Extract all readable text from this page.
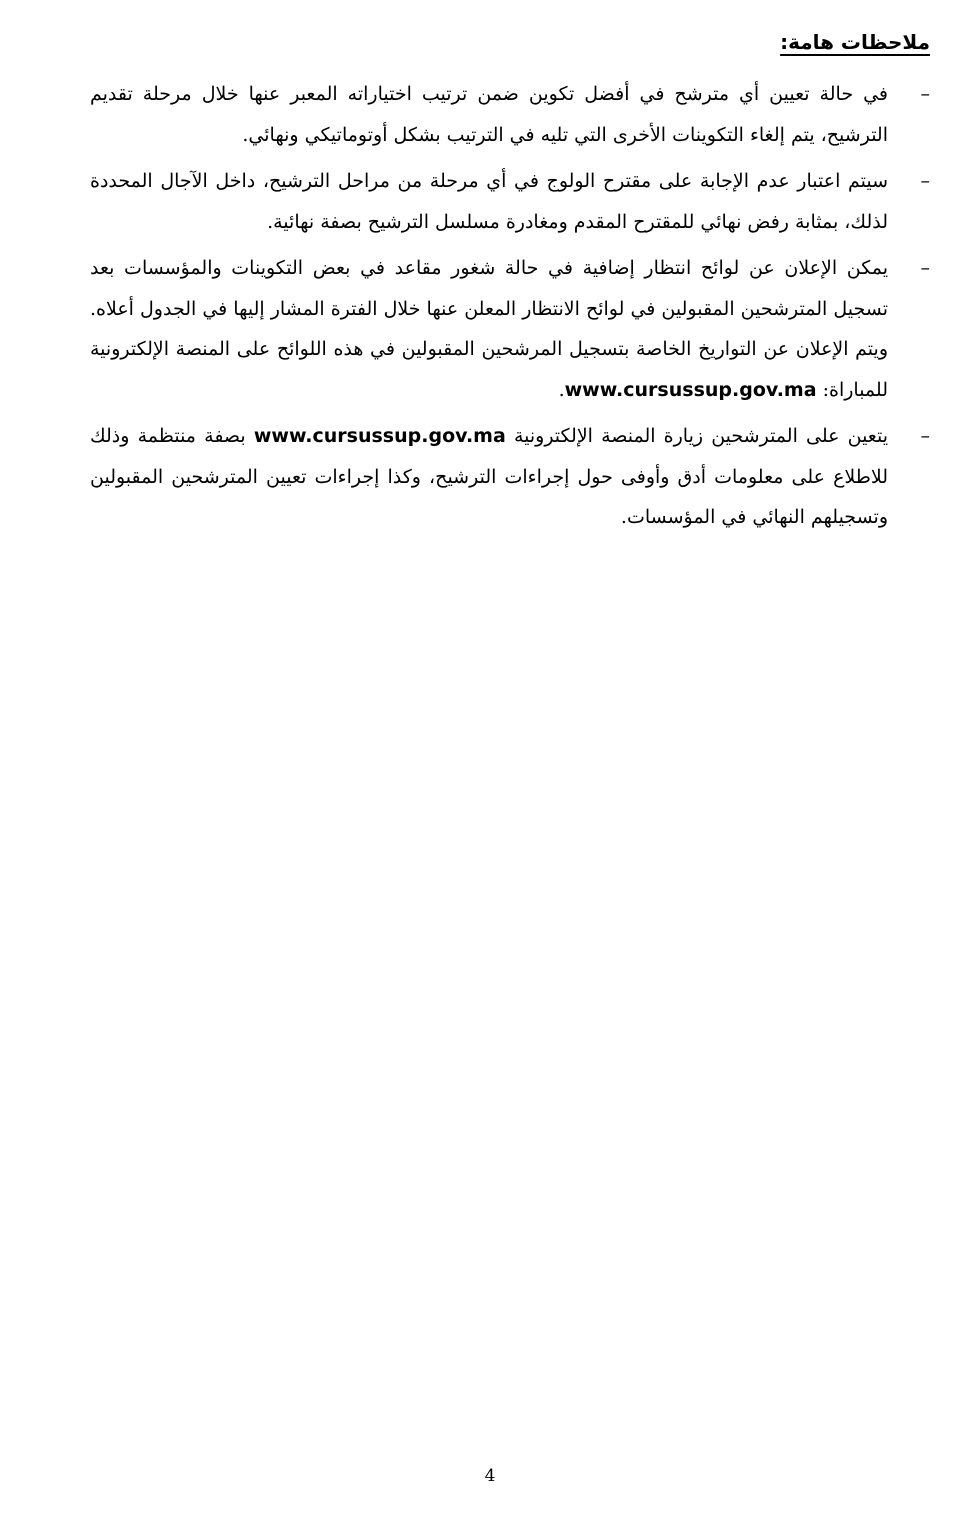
ملاحظات هامة:
–
في حالة تعيين أي مترشح في أفضل تكوين ضمن ترتيب اختياراته المعبر عنها خلال مرحلة تقديم الترشيح، يتم إلغاء التكوينات الأخرى التي تليه في الترتيب بشكل أوتوماتيكي ونهائي.
–
سيتم اعتبار عدم الإجابة على مقترح الولوج في أي مرحلة من مراحل الترشيح، داخل الآجال المحددة لذلك، بمثابة رفض نهائي للمقترح المقدم ومغادرة مسلسل الترشيح بصفة نهائية.
–
يمكن الإعلان عن لوائح انتظار إضافية في حالة شغور مقاعد في بعض التكوينات والمؤسسات بعد تسجيل المترشحين المقبولين في لوائح الانتظار المعلن عنها خلال الفترة المشار إليها في الجدول أعلاه. ويتم الإعلان عن التواريخ الخاصة بتسجيل المرشحين المقبولين في هذه اللوائح على المنصة الإلكترونية للمباراة: www.cursussup.gov.ma.
–
يتعين على المترشحين زيارة المنصة الإلكترونية www.cursussup.gov.ma بصفة منتظمة وذلك للاطلاع على معلومات أدق وأوفى حول إجراءات الترشيح، وكذا إجراءات تعيين المترشحين المقبولين وتسجيلهم النهائي في المؤسسات.

4
